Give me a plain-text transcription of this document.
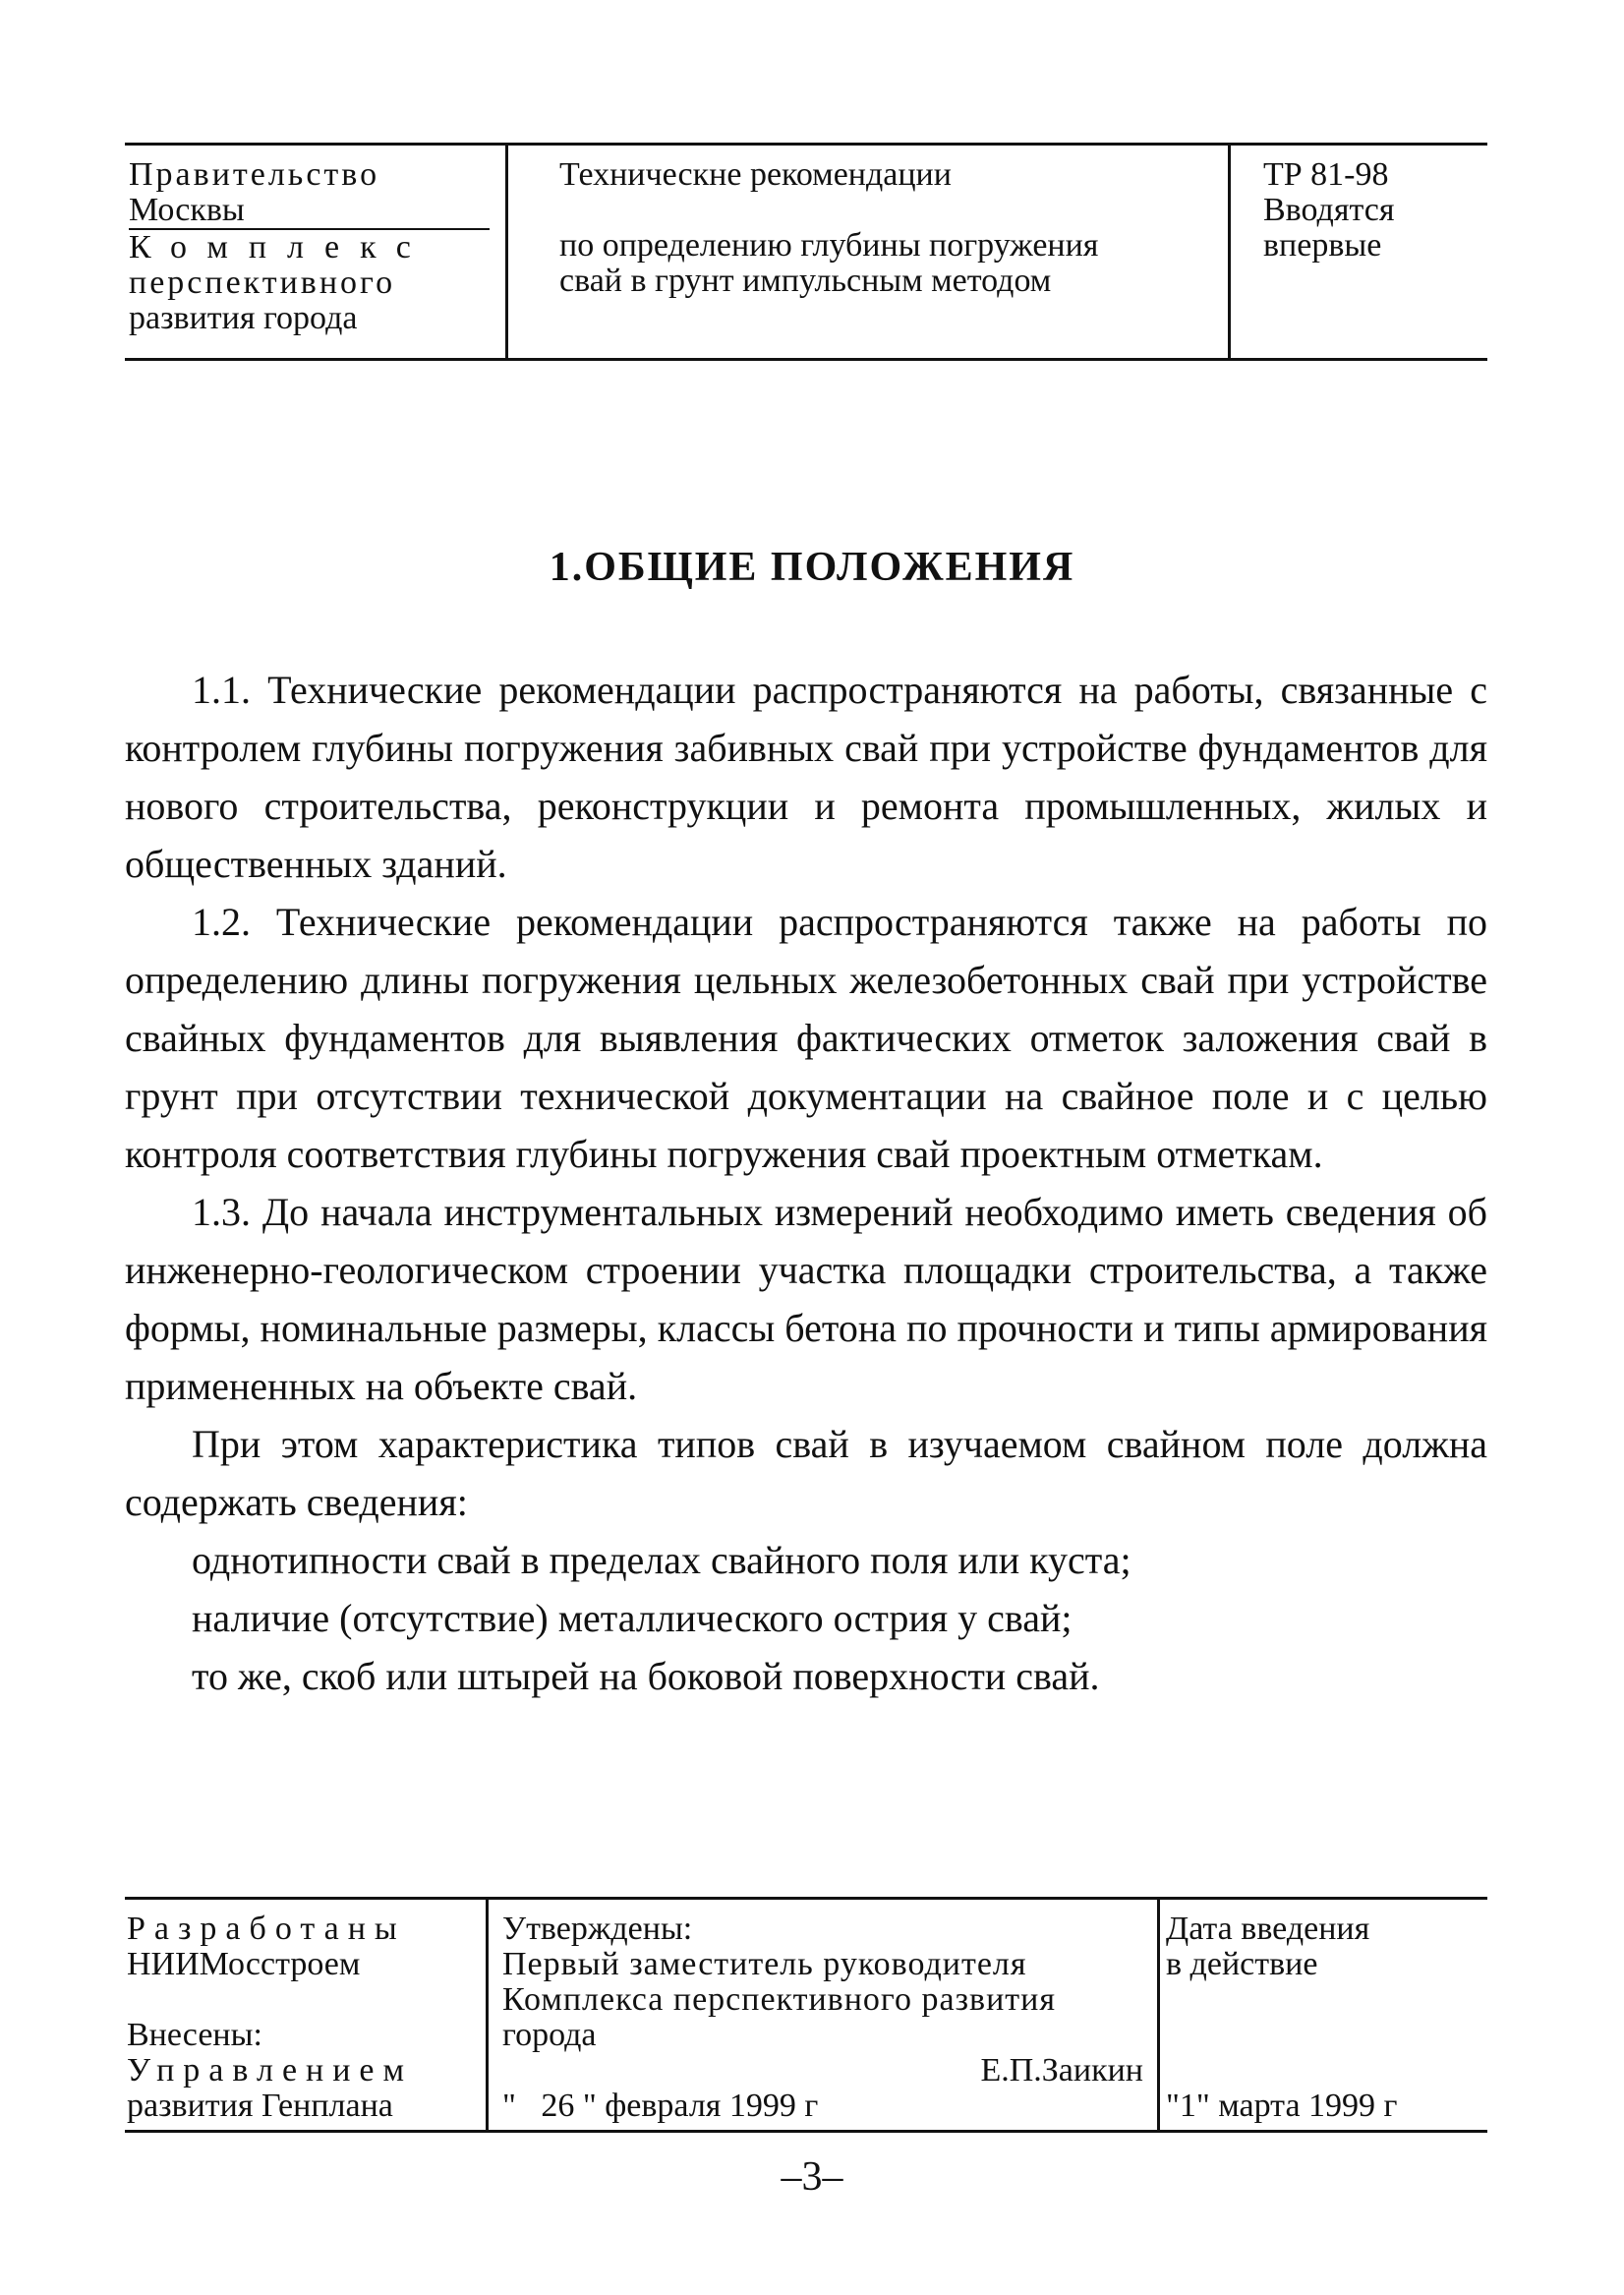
Правительство
Москвы
Комплекс
перспективного
развития города
Техническне рекомендации
по определению глубины погружения
свай в грунт импульсным методом
ТР 81-98
Вводятся
впервые
1.ОБЩИЕ ПОЛОЖЕНИЯ

1.1. Технические рекомендации распространяются на работы, связанные с контролем глубины погружения забивных свай при устройстве фундаментов для нового строительства, реконструкции и ремонта промышленных, жилых и общественных зданий.

1.2. Технические рекомендации распространяются также на работы по определению длины погружения цельных железобетонных свай при устройстве свайных фундаментов для выявления фактических отметок заложения свай в грунт при отсутствии технической документации на свайное поле и с целью контроля соответствия глубины погружения свай проектным отметкам.

1.3. До начала инструментальных измерений необходимо иметь сведения об инженерно-геологическом строении участка площадки строительства, а также формы, номинальные размеры, классы бетона по прочности и типы армирования примененных на объекте свай.

При этом характеристика типов свай в изучаемом свайном поле должна содержать сведения:

однотипности свай в пределах свайного поля или куста;

наличие (отсутствие) металлического острия у свай;

то же, скоб или штырей на боковой поверхности свай.

Разработаны
НИИМосстроем
Внесены:
Управлением
развития Генплана
Утверждены:
Первый заместитель руководителя
Комплекса перспективного развития
города
Е.П.Заикин
"   26 " февраля 1999 г
Дата введения
в действие
"1" марта 1999 г
–3–
